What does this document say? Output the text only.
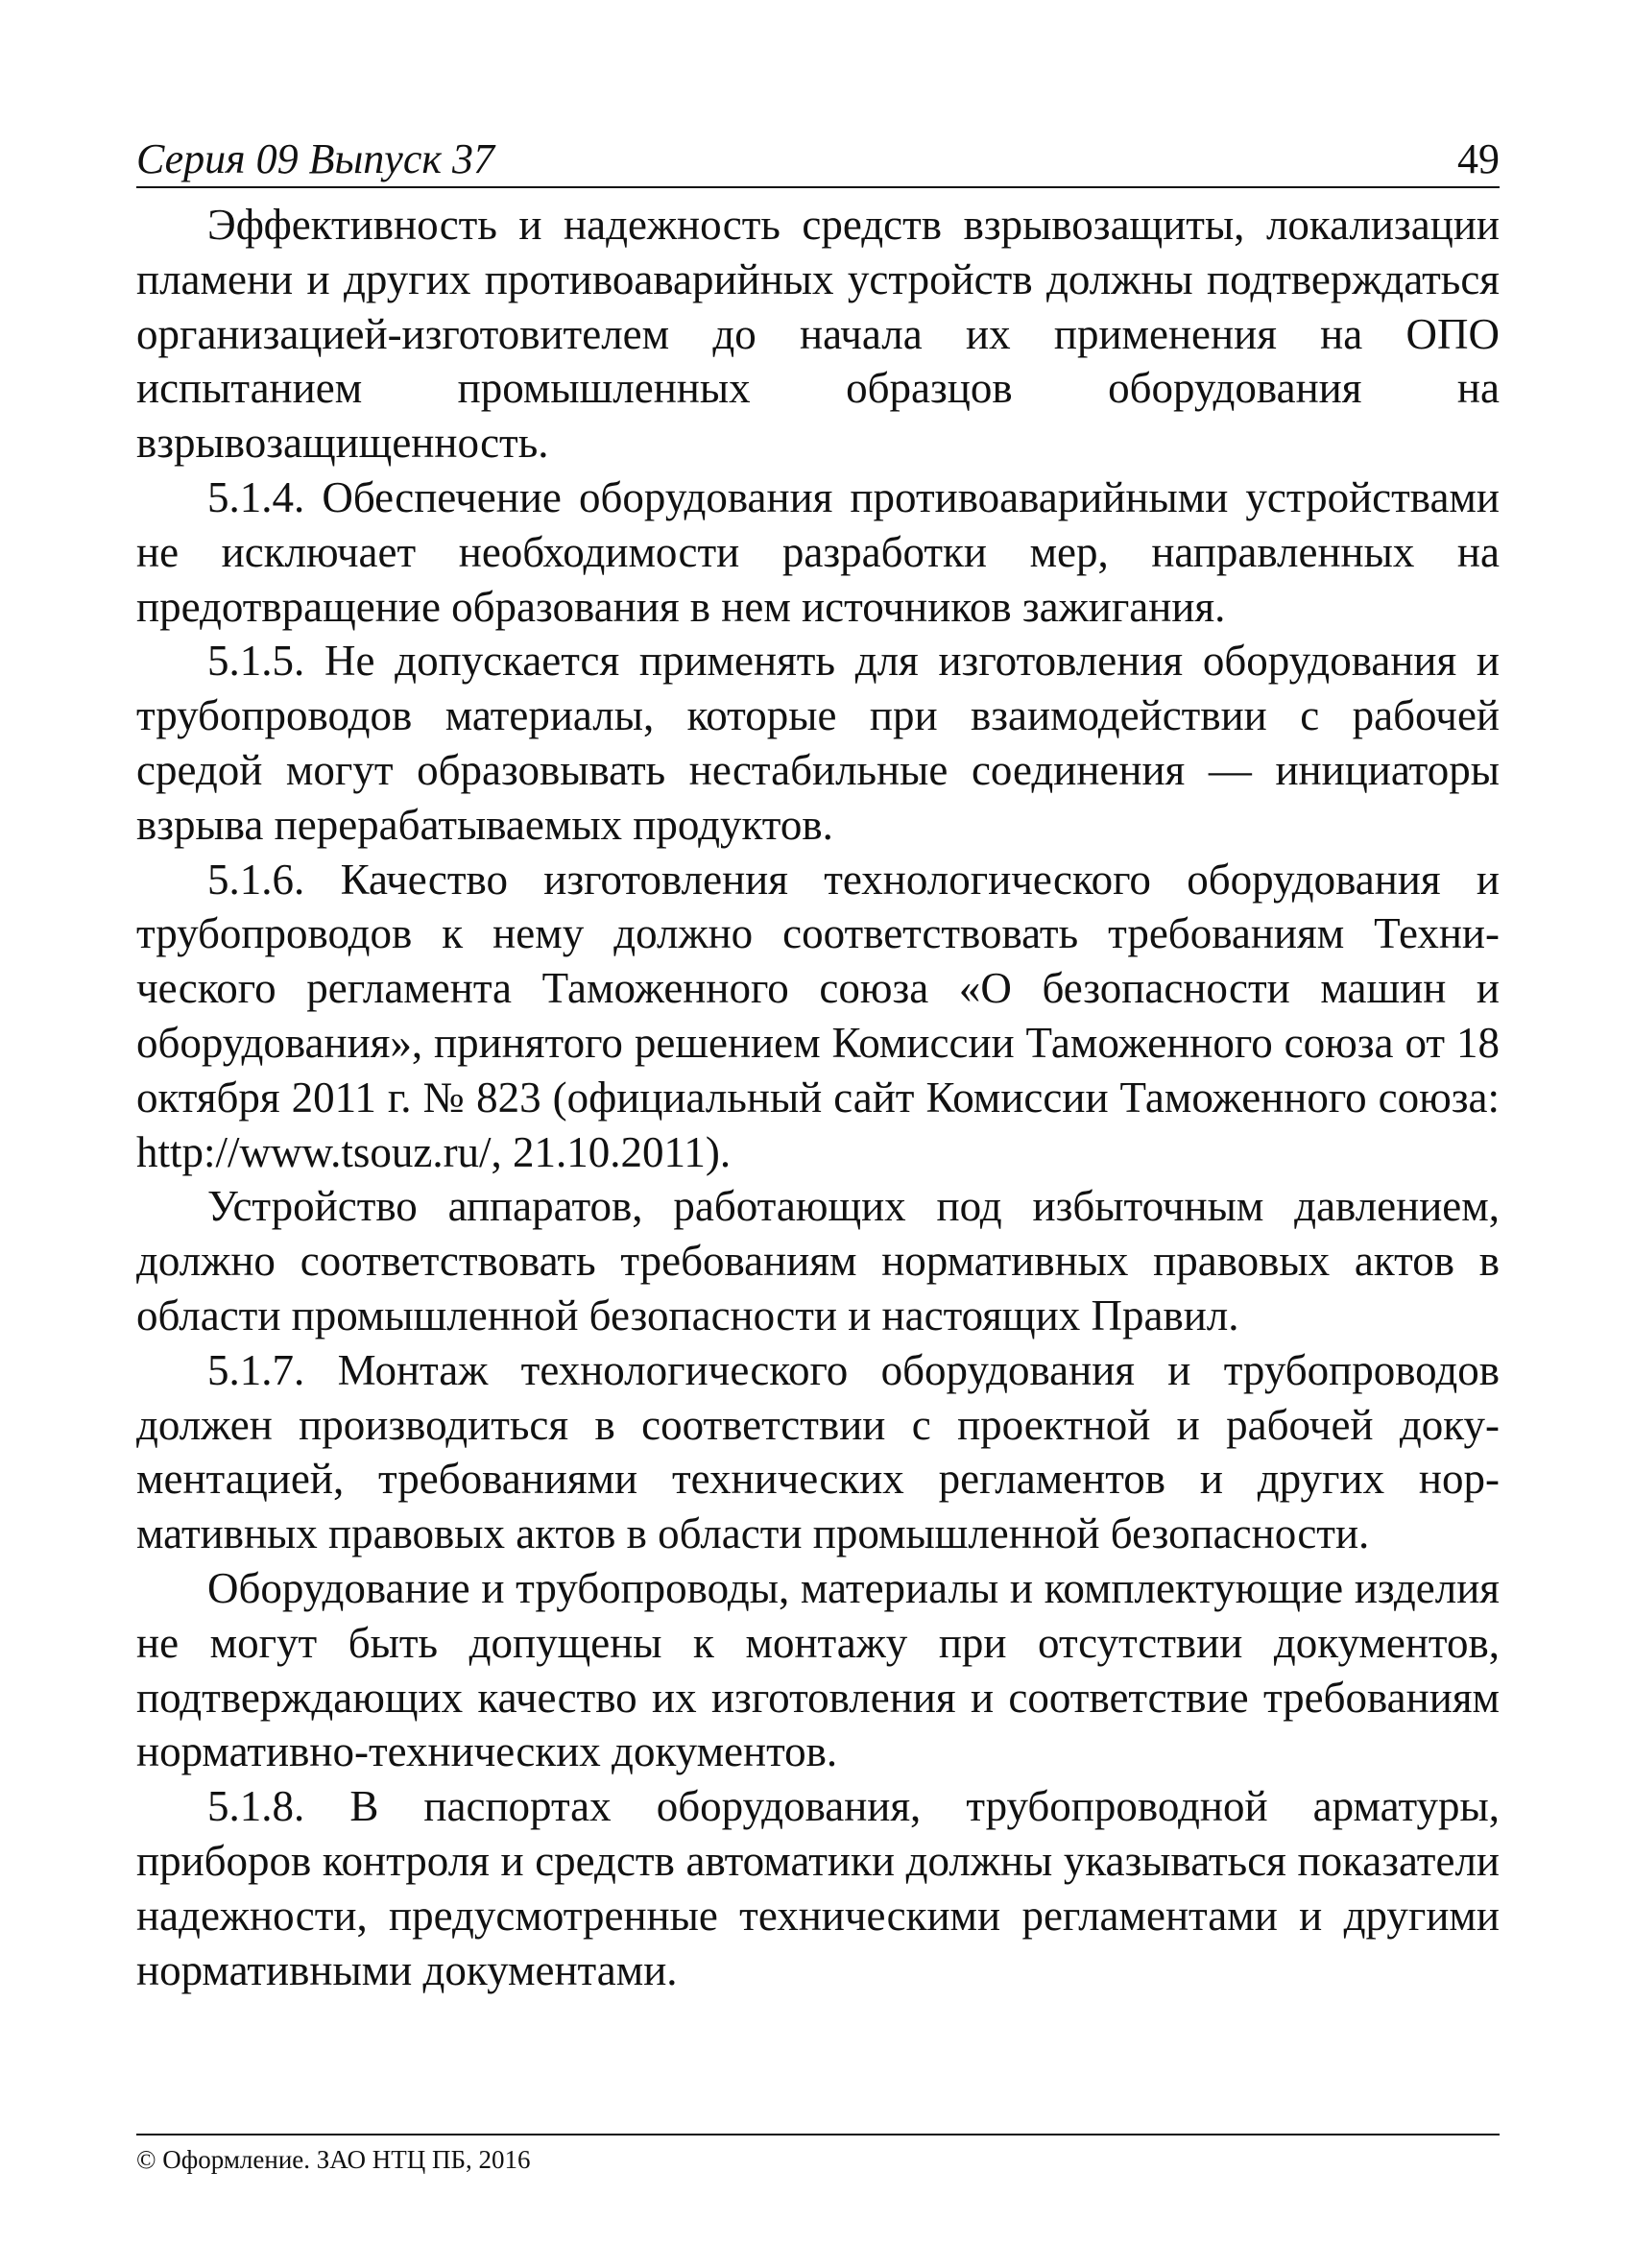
Серия 09 Выпуск 37	49

Эффективность и надежность средств взрывозащиты, локализации пламени и других противоаварийных устройств должны подтверждаться организацией-изготовителем до начала их применения на ОПО испытанием промышленных образцов оборудования на взрывозащищенность.

5.1.4. Обеспечение оборудования противоаварийными устройствами не исключает необходимости разработки мер, направленных на предотвращение образования в нем источников зажигания.

5.1.5. Не допускается применять для изготовления оборудования и трубопроводов материалы, которые при взаимодействии с рабочей средой могут образовывать нестабильные соединения — инициаторы взрыва перерабатываемых продуктов.

5.1.6. Качество изготовления технологического оборудования и трубопроводов к нему должно соответствовать требованиям Технического регламента Таможенного союза «О безопасности машин и оборудования», принятого решением Комиссии Таможенного союза от 18 октября 2011 г. № 823 (официальный сайт Комиссии Таможенного союза: http://www.tsouz.ru/, 21.10.2011).

Устройство аппаратов, работающих под избыточным давлением, должно соответствовать требованиям нормативных правовых актов в области промышленной безопасности и настоящих Правил.

5.1.7. Монтаж технологического оборудования и трубопроводов должен производиться в соответствии с проектной и рабочей документацией, требованиями технических регламентов и других нормативных правовых актов в области промышленной безопасности.

Оборудование и трубопроводы, материалы и комплектующие изделия не могут быть допущены к монтажу при отсутствии документов, подтверждающих качество их изготовления и соответствие требованиям нормативно-технических документов.

5.1.8. В паспортах оборудования, трубопроводной арматуры, приборов контроля и средств автоматики должны указываться показатели надежности, предусмотренные техническими регламентами и другими нормативными документами.

© Оформление. ЗАО НТЦ ПБ, 2016
